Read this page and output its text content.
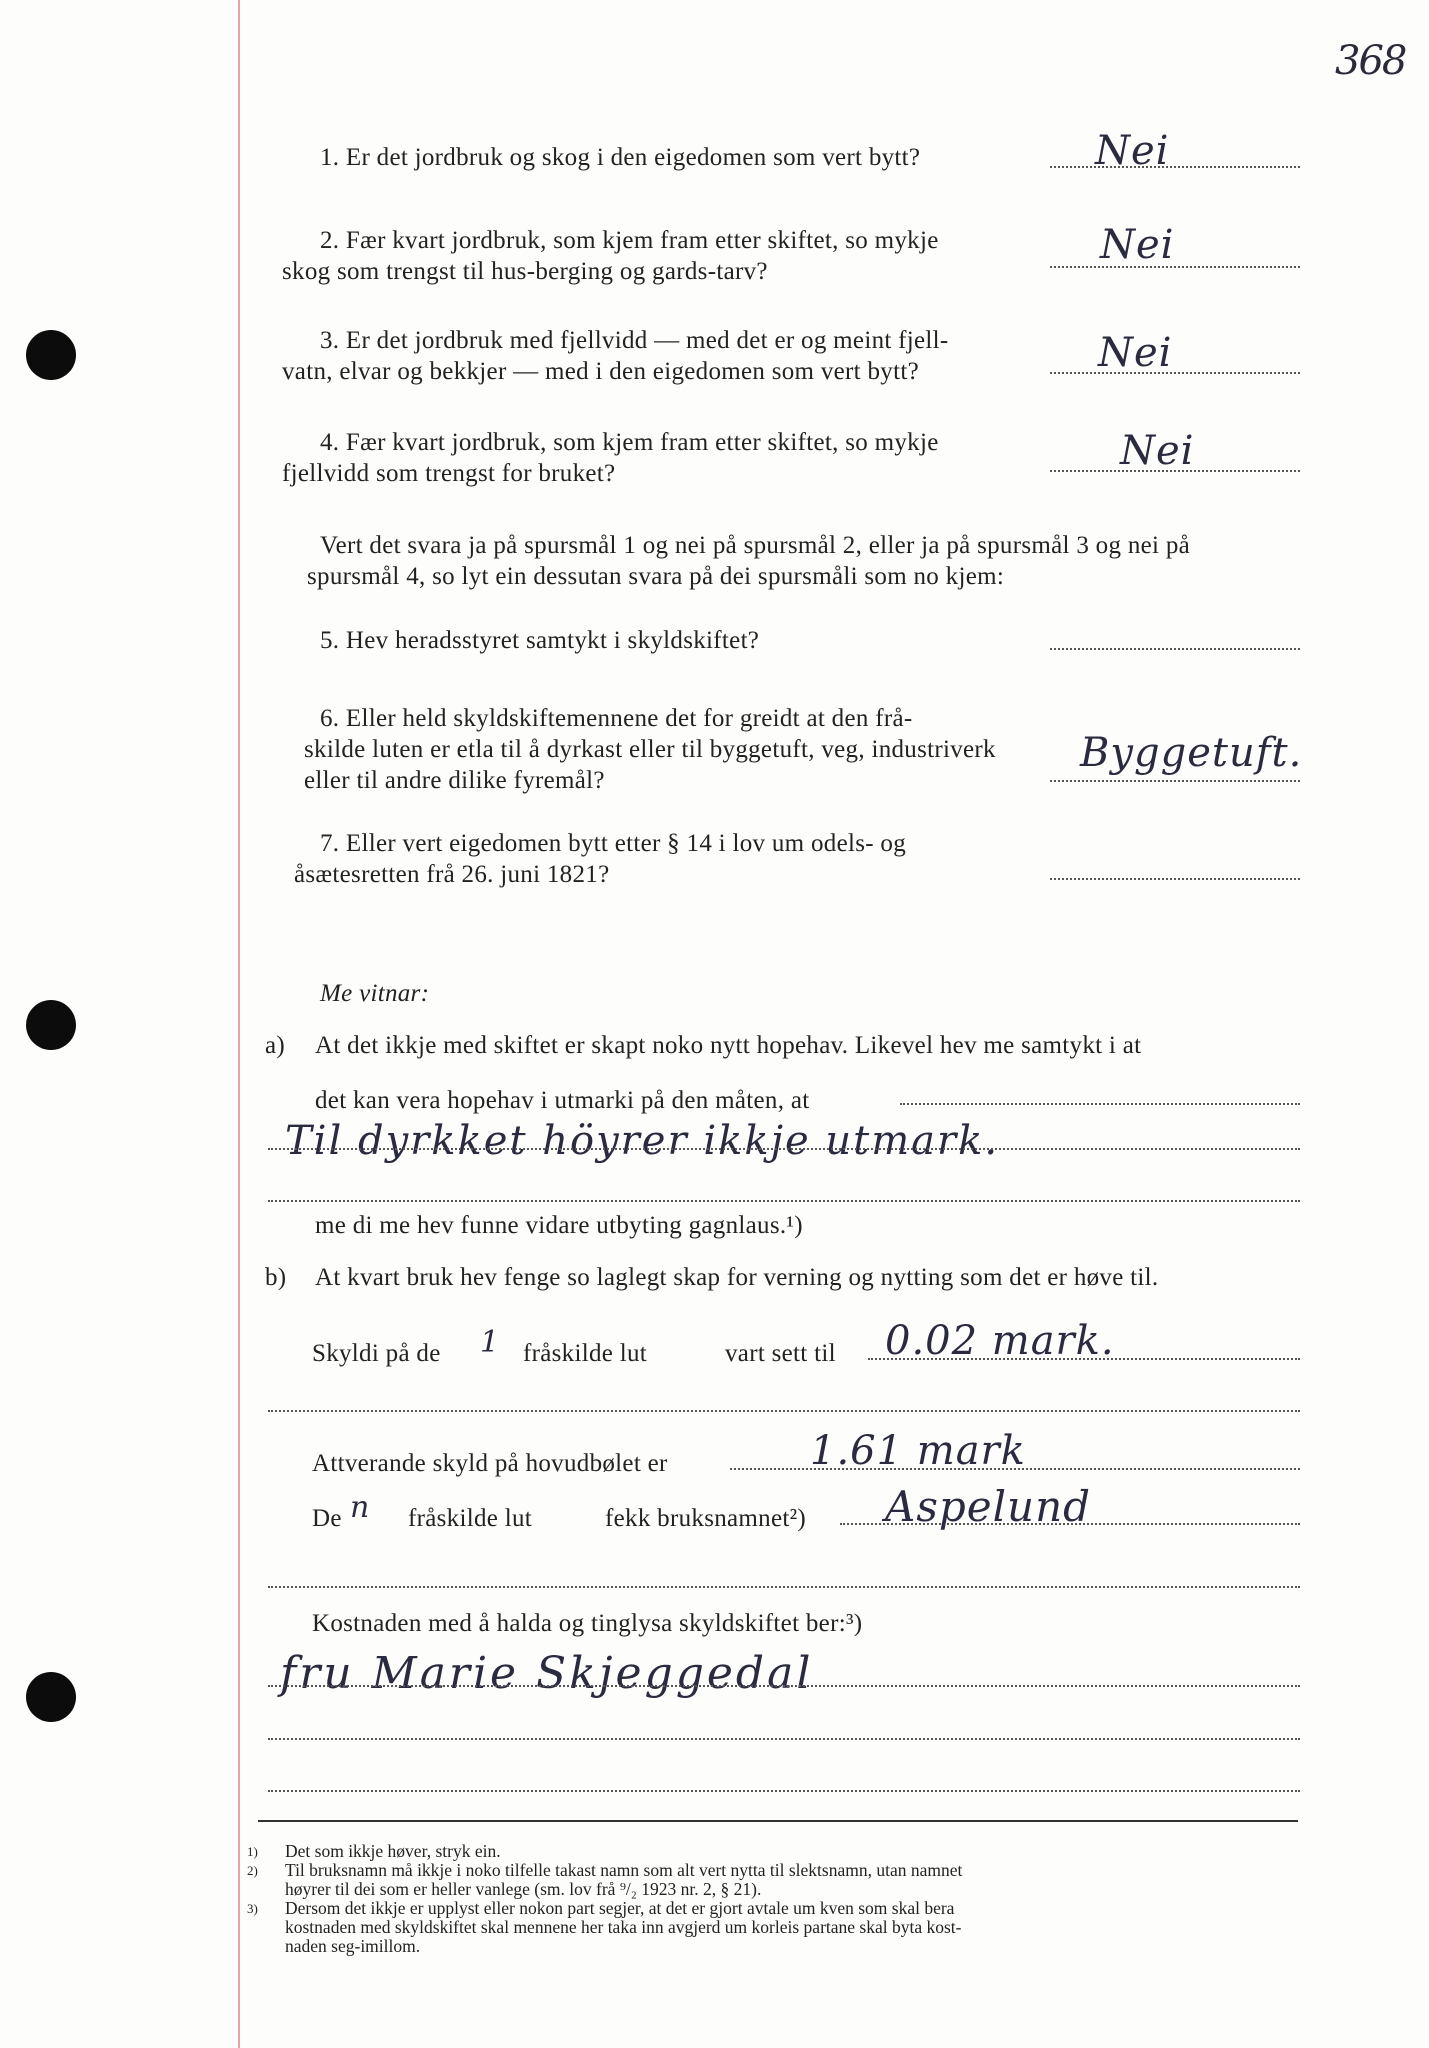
368
1. Er det jordbruk og skog i den eigedomen som vert bytt?	Nei
2. Fær kvart jordbruk, som kjem fram etter skiftet, so mykje
skog som trengst til hus-berging og gards-tarv?
Nei
3. Er det jordbruk med fjellvidd — med det er og meint fjell-
vatn, elvar og bekkjer — med i den eigedomen som vert bytt?	Nei
4. Fær kvart jordbruk, som kjem fram etter skiftet, so mykje
fjellvidd som trengst for bruket?	Nei
Vert det svara ja på spursmål 1 og nei på spursmål 2, eller ja på spursmål 3 og nei på
spursmål 4, so lyt ein dessutan svara på dei spursmåli som no kjem:
5. Hev heradsstyret samtykt i skyldskiftet?
6. Eller held skyldskiftemennene det for greidt at den frå-
skilde luten er etla til å dyrkast eller til byggetuft, veg, industriverk
eller til andre dilike fyremål?
Byggetuft.
7. Eller vert eigedomen bytt etter § 14 i lov um odels- og
åsætesretten frå 26. juni 1821?
Me vitnar:
a) At det ikkje med skiftet er skapt noko nytt hopehav. Likevel hev me samtykt i at
det kan vera hopehav i utmarki på den måten, at
Til dyrkket höyrer ikkje utmark.
me di me hev funne vidare utbyting gagnlaus.¹)
b) At kvart bruk hev fenge so laglegt skap for verning og nytting som det er høve til.
Skyldi på de 1 fråskilde lut	vart sett til 0.02 mark.
Attverande skyld på hovudbølet er	1.61 mark
De n fråskilde lut	fekk bruksnamnet²) Aspelund
Kostnaden med å halda og tinglysa skyldskiftet ber:³)
fru Marie Skjeggedal
1) Det som ikkje høver, stryk ein.
2) Til bruksnamn må ikkje i noko tilfelle takast namn som alt vert nytta til slektsnamn, utan namnet
høyrer til dei som er heller vanlege (sm. lov frå ⁹/₂ 1923 nr. 2, § 21).
3) Dersom det ikkje er upplyst eller nokon part segjer, at det er gjort avtale um kven som skal bera
kostnaden med skyldskiftet skal mennene her taka inn avgjerd um korleis partane skal byta kost-
naden seg-imillom.
